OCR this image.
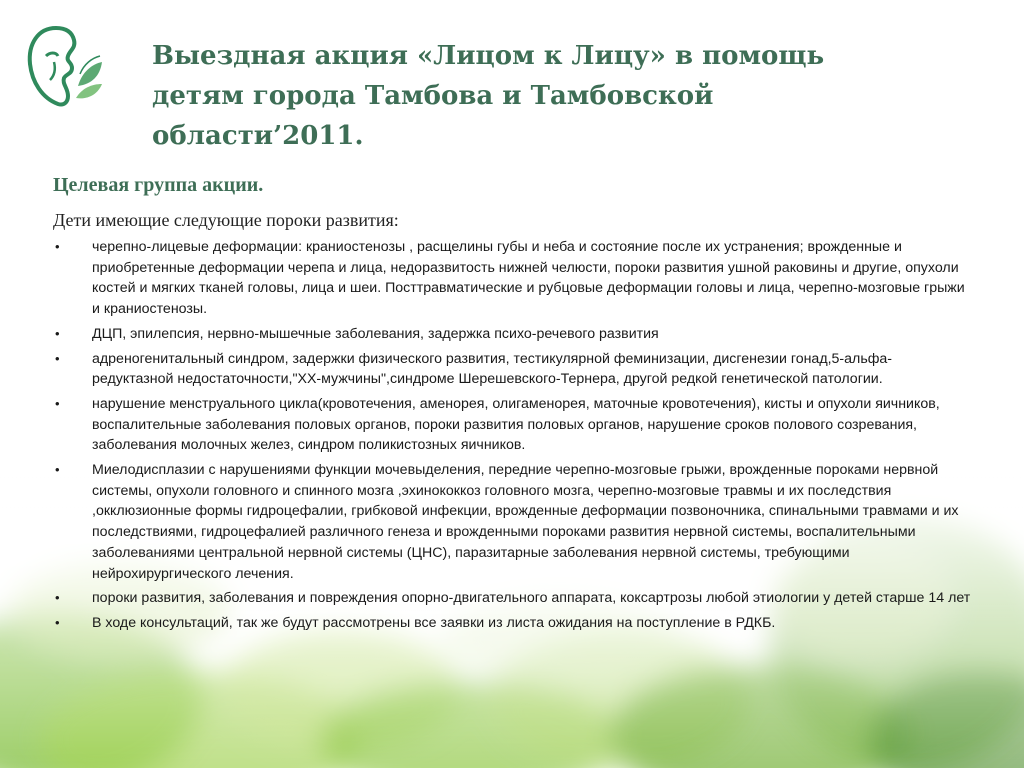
Выездная акция «Лицом к Лицу» в помощь детям города Тамбова и Тамбовской области’2011.
Целевая группа акции.
Дети имеющие следующие пороки развития:
• черепно-лицевые деформации: краниостенозы , расщелины губы и неба и состояние после их устранения; врожденные и приобретенные деформации черепа и лица, недоразвитость нижней челюсти, пороки развития ушной раковины и другие, опухоли костей и мягких тканей головы, лица и шеи. Посттравматические и рубцовые деформации головы и лица, черепно-мозговые грыжи и краниостенозы.
• ДЦП, эпилепсия, нервно-мышечные заболевания, задержка психо-речевого развития
• адреногенитальный синдром, задержки физического развития, тестикулярной феминизации, дисгенезии гонад,5-альфа-редуктазной недостаточности,"ХХ-мужчины",синдроме Шерешевского-Тернера, другой редкой генетической патологии.
• нарушение менструального цикла(кровотечения, аменорея, олигаменорея, маточные кровотечения), кисты и опухоли яичников, воспалительные заболевания половых органов, пороки развития половых органов, нарушение сроков полового созревания, заболевания молочных желез, синдром поликистозных яичников.
• Миелодисплазии с нарушениями функции мочевыделения, передние черепно-мозговые грыжи, врожденные пороками нервной системы, опухоли головного и спинного мозга ,эхинококкоз головного мозга, черепно-мозговые травмы и их последствия ,окклюзионные формы гидроцефалии, грибковой инфекции, врожденные деформации позвоночника, спинальными травмами и их последствиями, гидроцефалией различного генеза и врожденными пороками развития нервной системы, воспалительными заболеваниями центральной нервной системы (ЦНС), паразитарные заболевания нервной системы, требующими нейрохирургического лечения.
• пороки развития, заболевания и повреждения опорно-двигательного аппарата, коксартрозы любой этиологии у детей старше 14 лет
• В ходе консультаций, так же будут рассмотрены все заявки из листа ожидания на поступление в РДКБ.
